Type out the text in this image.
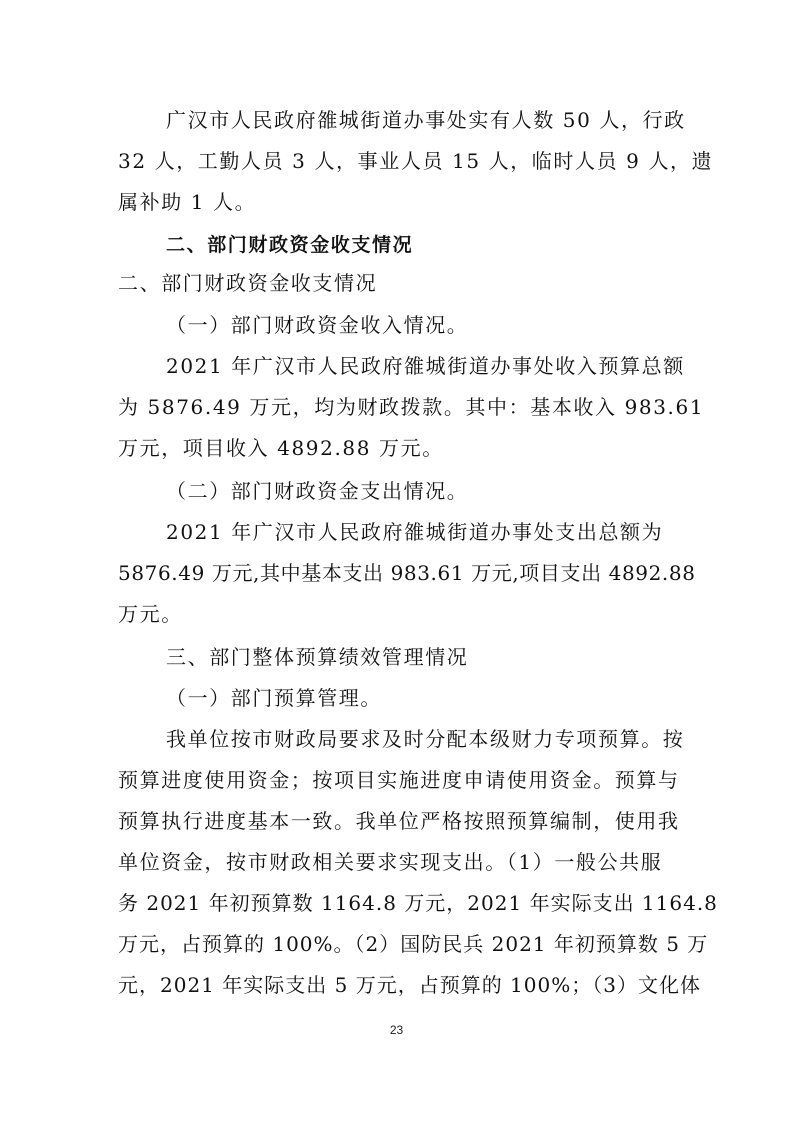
广汉市人民政府雒城街道办事处实有人数 50 人，行政
32 人，工勤人员 3 人，事业人员 15 人，临时人员 9 人，遗
属补助 1 人。
二、部门财政资金收支情况
二、部门财政资金收支情况
（一）部门财政资金收入情况。
2021 年广汉市人民政府雒城街道办事处收入预算总额
为 5876.49 万元，均为财政拨款。其中：基本收入 983.61
万元，项目收入 4892.88 万元。
（二）部门财政资金支出情况。
2021 年广汉市人民政府雒城街道办事处支出总额为
5876.49 万元,其中基本支出 983.61 万元,项目支出 4892.88
万元。
三、部门整体预算绩效管理情况
（一）部门预算管理。
我单位按市财政局要求及时分配本级财力专项预算。按
预算进度使用资金；按项目实施进度申请使用资金。预算与
预算执行进度基本一致。我单位严格按照预算编制，使用我
单位资金，按市财政相关要求实现支出。（1）一般公共服
务 2021 年初预算数 1164.8 万元，2021 年实际支出 1164.8
万元，占预算的 100%。（2）国防民兵 2021 年初预算数 5 万
元，2021 年实际支出 5 万元，占预算的 100%；（3）文化体
23
